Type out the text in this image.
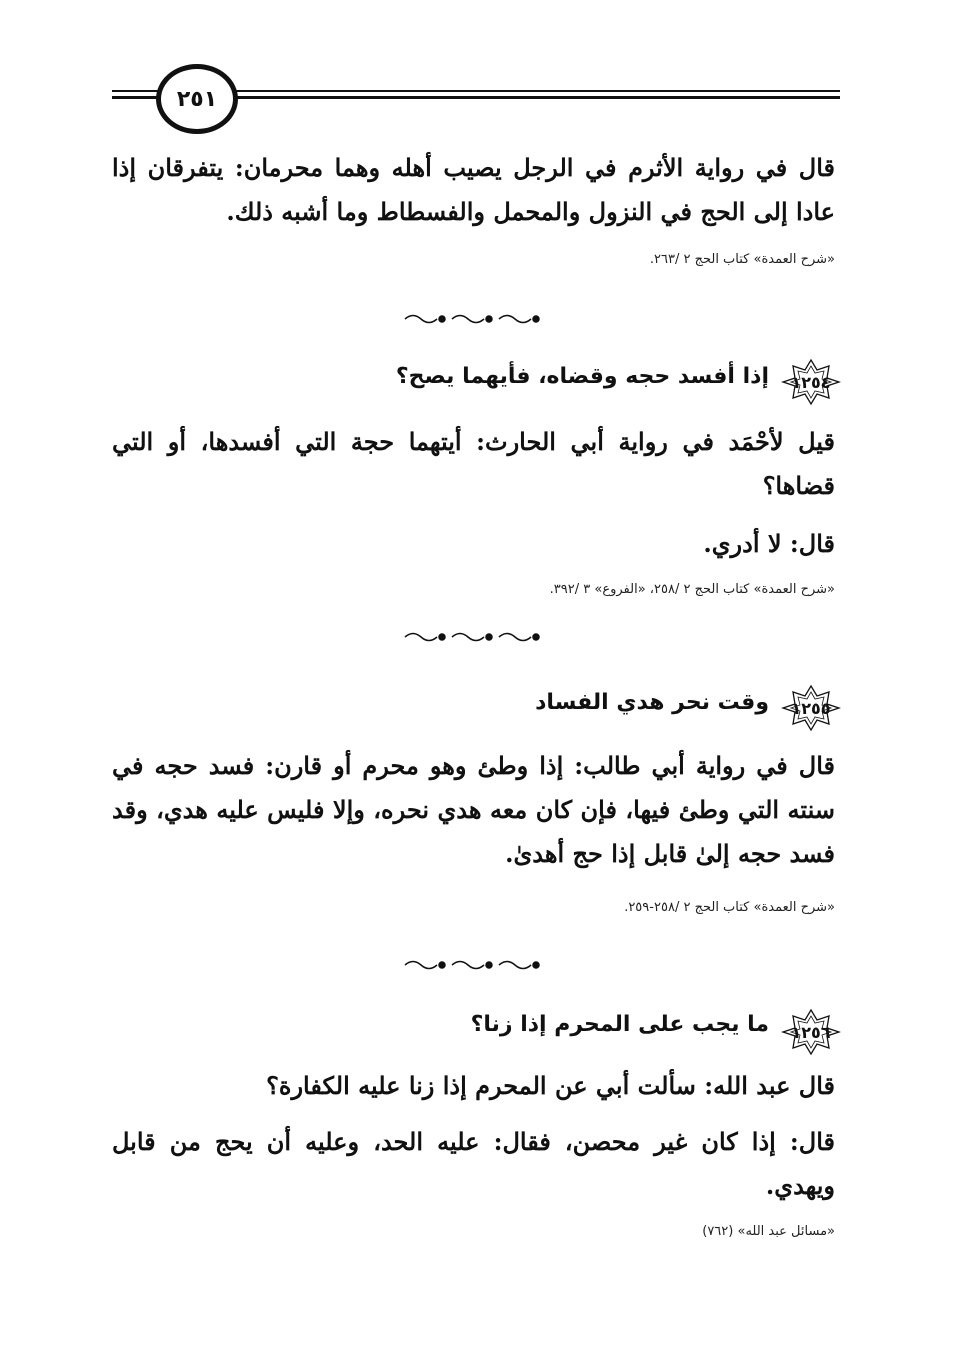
٢٥١
قال في رواية الأثرم في الرجل يصيب أهله وهما محرمان: يتفرقان إذا عادا إلى الحج في النزول والمحمل والفسطاط وما أشبه ذلك.
«شرح العمدة» كتاب الحج ٢ /٢٦٣.
١٢٥٤
إذا أفسد حجه وقضاه، فأيهما يصح؟
قيل لأحْمَد في رواية أبي الحارث: أيتهما حجة التي أفسدها، أو التي قضاها؟
قال: لا أدري.
«شرح العمدة» كتاب الحج ٢ /٢٥٨، «الفروع» ٣ /٣٩٢.
١٢٥٥
وقت نحر هدي الفساد
قال في رواية أبي طالب: إذا وطئ وهو محرم أو قارن: فسد حجه في سنته التي وطئ فيها، فإن كان معه هدي نحره، وإلا فليس عليه هدي، وقد فسد حجه إلىٰ قابل إذا حج أهدىٰ.
«شرح العمدة» كتاب الحج ٢ /٢٥٨-٢٥٩.
١٢٥٦
ما يجب على المحرم إذا زنا؟
قال عبد الله: سألت أبي عن المحرم إذا زنا عليه الكفارة؟
قال: إذا كان غير محصن، فقال: عليه الحد، وعليه أن يحج من قابل ويهدي.
«مسائل عبد الله» (٧٦٢)
